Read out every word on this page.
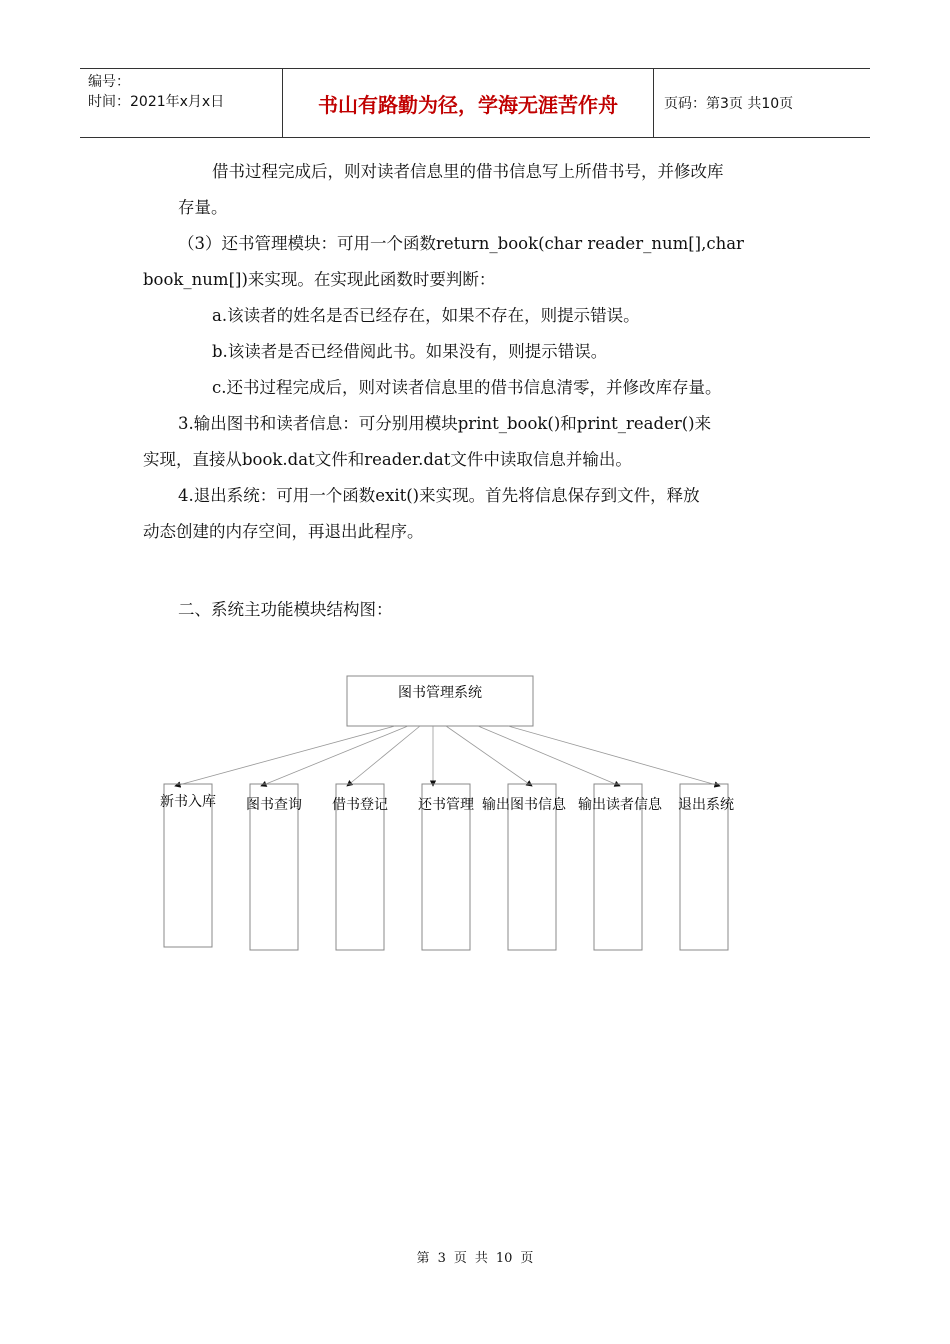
编号：
时间：2021年x月x日	书山有路勤为径，学海无涯苦作舟	页码：第3页 共10页
借书过程完成后，则对读者信息里的借书信息写上所借书号，并修改库
存量。
（3）还书管理模块：可用一个函数return_book(char reader_num[],char
book_num[])来实现。在实现此函数时要判断：
a.该读者的姓名是否已经存在，如果不存在，则提示错误。
b.该读者是否已经借阅此书。如果没有，则提示错误。
c.还书过程完成后，则对读者信息里的借书信息清零，并修改库存量。
3.输出图书和读者信息：可分别用模块print_book()和print_reader()来
实现，直接从book.dat文件和reader.dat文件中读取信息并输出。
4.退出系统：可用一个函数exit()来实现。首先将信息保存到文件，释放
动态创建的内存空间，再退出此程序。
二、系统主功能模块结构图：
图书管理系统
新书入库 图书查询 借书登记 还书管理 输出图书信息 输出读者信息 退出系统
第 3 页 共 10 页
